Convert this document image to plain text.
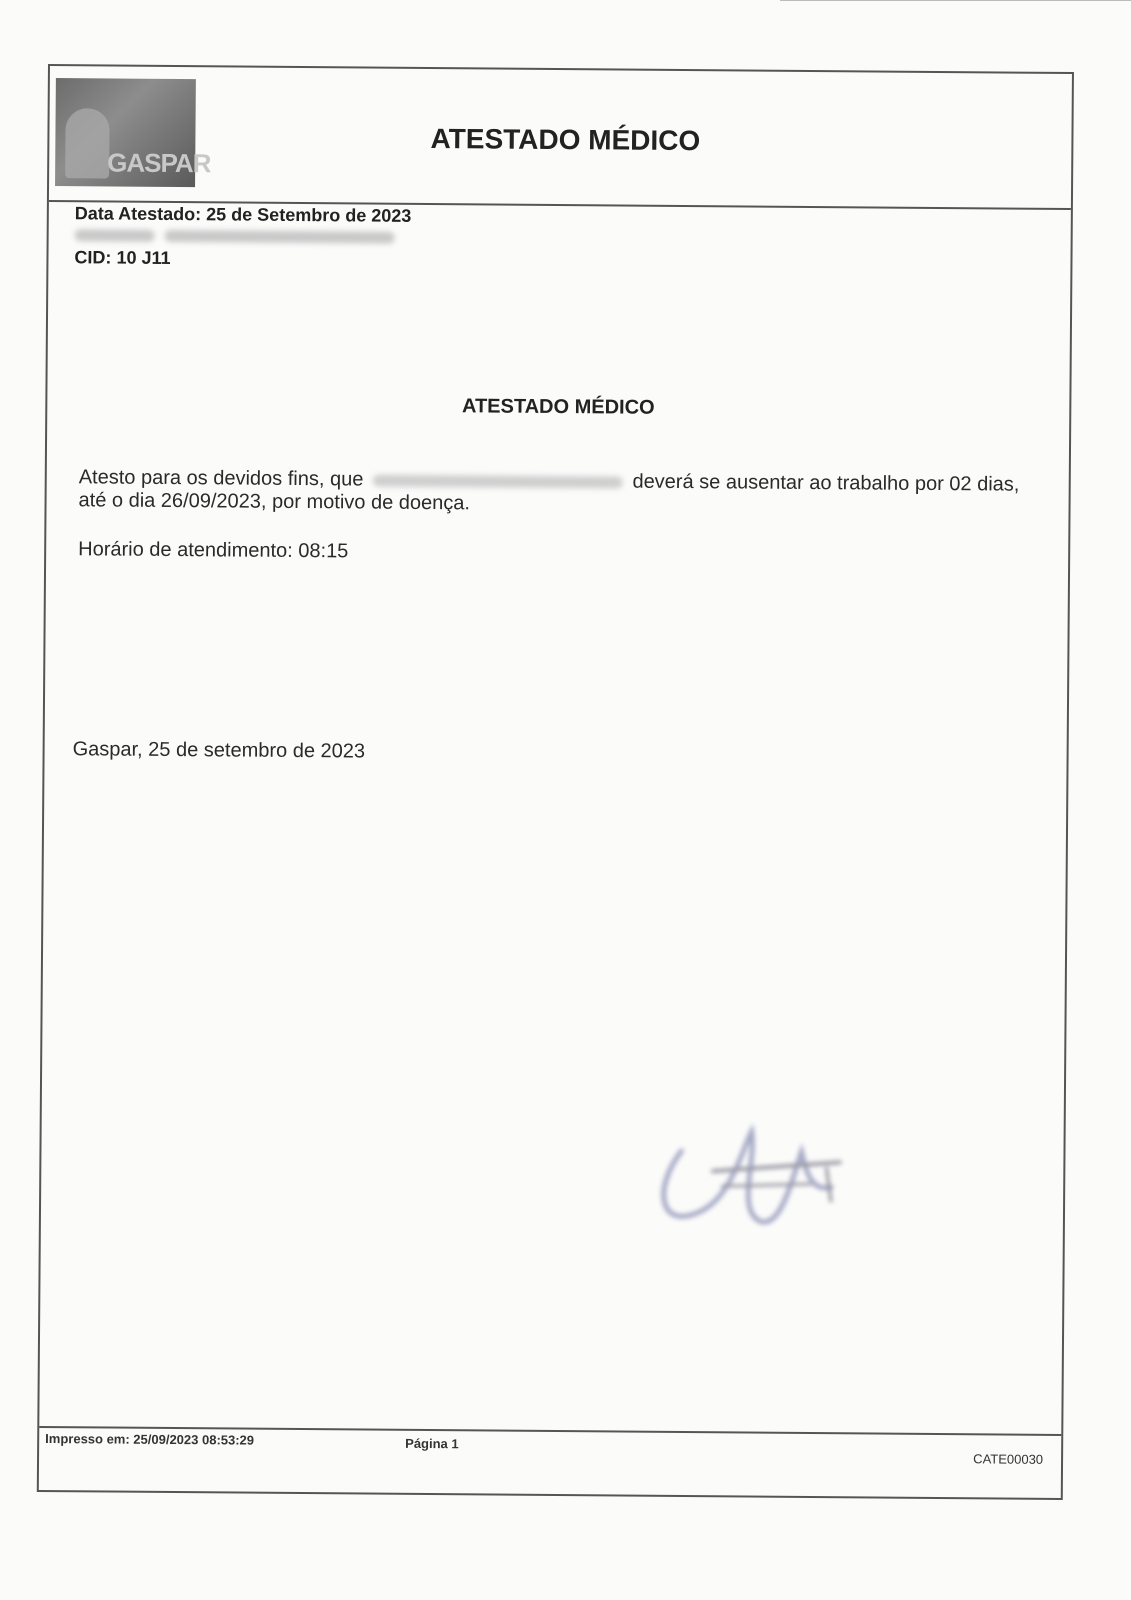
GASPAR
ATESTADO MÉDICO
Data Atestado: 25 de Setembro de 2023
CID: 10 J11
ATESTADO MÉDICO
Atesto para os devidos fins, que	deverá se ausentar ao trabalho por 02 dias,
até o dia 26/09/2023, por motivo de doença.
Horário de atendimento: 08:15
Gaspar, 25 de setembro de 2023
Impresso em: 25/09/2023 08:53:29	Página 1
CATE00030
